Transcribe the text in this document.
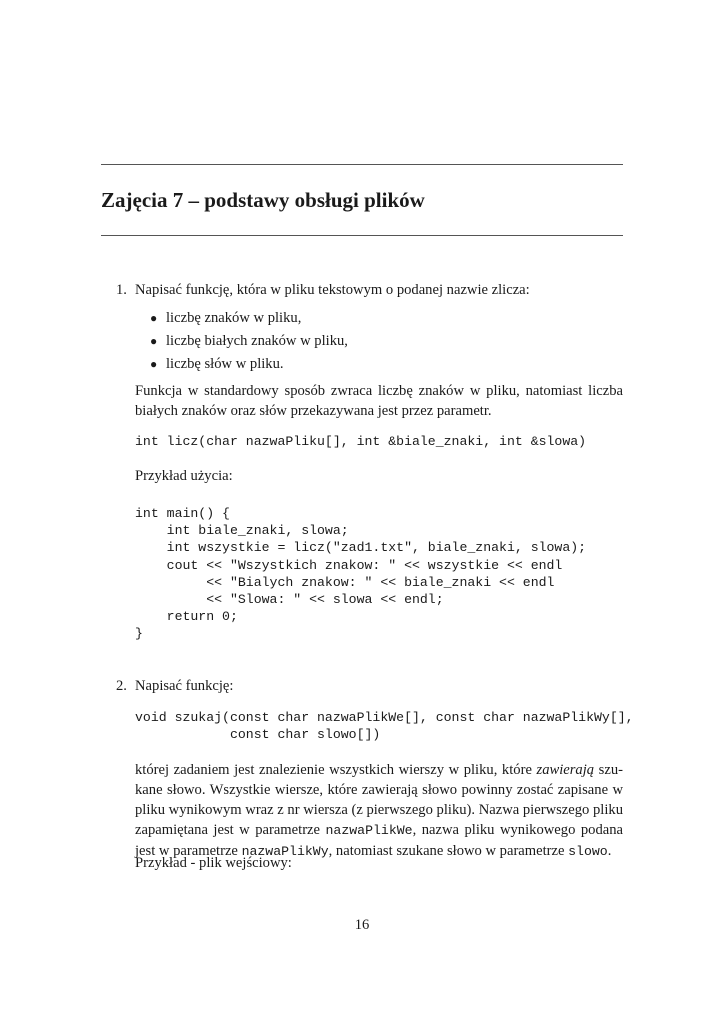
Zajęcia 7 – podstawy obsługi plików

1. Napisać funkcję, która w pliku tekstowym o podanej nazwie zlicza:

● liczbę znaków w pliku,

● liczbę białych znaków w pliku,

● liczbę słów w pliku.

Funkcja w standardowy sposób zwraca liczbę znaków w pliku, natomiast liczba
białych znaków oraz słów przekazywana jest przez parametr.

int licz(char nazwaPliku[], int &biale_znaki, int &slowa)

Przykład użycia:

int main() {
int biale_znaki, slowa;
int wszystkie = licz("zad1.txt", biale_znaki, slowa);
cout << "Wszystkich znakow: " << wszystkie << endl
<< "Bialych znakow: " << biale_znaki << endl
<< "Slowa: " << slowa << endl;
return 0;
}

2. Napisać funkcję:

void szukaj(const char nazwaPlikWe[], const char nazwaPlikWy[],
const char slowo[])
której zadaniem jest znalezienie wszystkich wierszy w pliku, które zawierają szu-
kane słowo. Wszystkie wiersze, które zawierają słowo powinny zostać zapisane w
pliku wynikowym wraz z nr wiersza (z pierwszego pliku). Nazwa pierwszego pliku
zapamiętana jest w parametrze nazwaPlikWe, nazwa pliku wynikowego podana
jest w parametrze nazwaPlikWy, natomiast szukane słowo w parametrze slowo.

Przykład - plik wejściowy:

16
